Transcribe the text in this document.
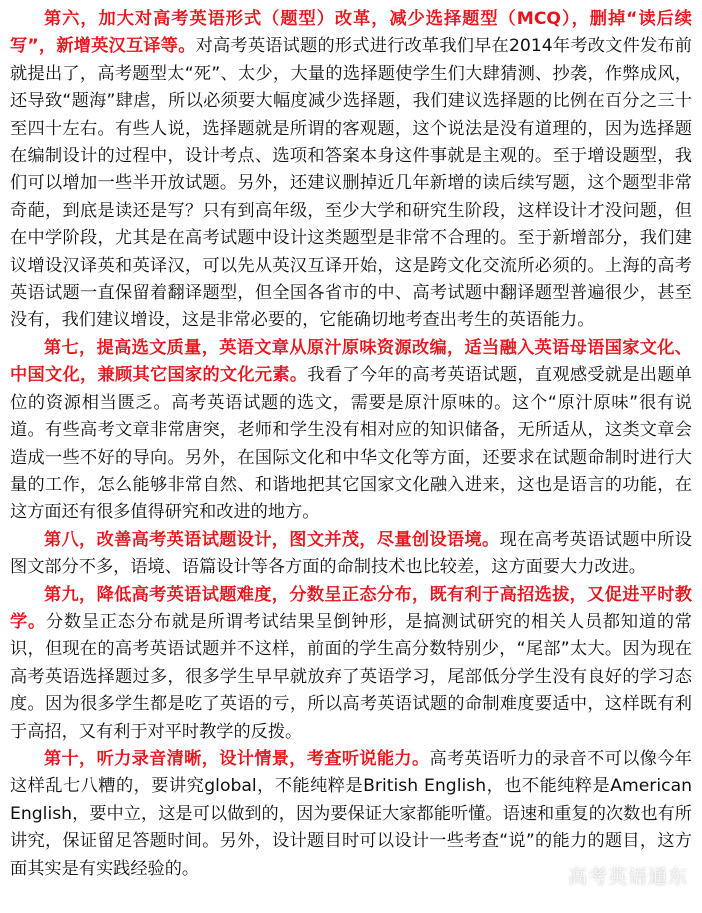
第六，加大对高考英语形式（题型）改革，减少选择题型（MCQ），删掉“读后续写”，新增英汉互译等。对高考英语试题的形式进行改革我们早在2014年考改文件发布前就提出了，高考题型太“死”、太少，大量的选择题使学生们大肆猜测、抄袭，作弊成风，还导致“题海”肆虐，所以必须要大幅度减少选择题，我们建议选择题的比例在百分之三十至四十左右。有些人说，选择题就是所谓的客观题，这个说法是没有道理的，因为选择题在编制设计的过程中，设计考点、选项和答案本身这件事就是主观的。至于增设题型，我们可以增加一些半开放试题。另外，还建议删掉近几年新增的读后续写题，这个题型非常奇葩，到底是读还是写？只有到高年级，至少大学和研究生阶段，这样设计才没问题，但在中学阶段，尤其是在高考试题中设计这类题型是非常不合理的。至于新增部分，我们建议增设汉译英和英译汉，可以先从英汉互译开始，这是跨文化交流所必须的。上海的高考英语试题一直保留着翻译题型，但全国各省市的中、高考试题中翻译题型普遍很少，甚至没有，我们建议增设，这是非常必要的，它能确切地考查出考生的英语能力。

第七，提高选文质量，英语文章从原汁原味资源改编，适当融入英语母语国家文化、中国文化，兼顾其它国家的文化元素。我看了今年的高考英语试题，直观感受就是出题单位的资源相当匮乏。高考英语试题的选文，需要是原汁原味的。这个“原汁原味”很有说道。有些高考文章非常唐突，老师和学生没有相对应的知识储备，无所适从，这类文章会造成一些不好的导向。另外，在国际文化和中华文化等方面，还要求在试题命制时进行大量的工作，怎么能够非常自然、和谐地把其它国家文化融入进来，这也是语言的功能，在这方面还有很多值得研究和改进的地方。

第八，改善高考英语试题设计，图文并茂，尽量创设语境。现在高考英语试题中所设图文部分不多，语境、语篇设计等各方面的命制技术也比较差，这方面要大力改进。

第九，降低高考英语试题难度，分数呈正态分布，既有利于高招选拔，又促进平时教学。分数呈正态分布就是所谓考试结果呈倒钟形，是搞测试研究的相关人员都知道的常识，但现在的高考英语试题并不这样，前面的学生高分数特别少，“尾部”太大。因为现在高考英语选择题过多，很多学生早早就放弃了英语学习，尾部低分学生没有良好的学习态度。因为很多学生都是吃了英语的亏，所以高考英语试题的命制难度要适中，这样既有利于高招，又有利于对平时教学的反拨。

第十，听力录音清晰，设计情景，考查听说能力。高考英语听力的录音不可以像今年这样乱七八糟的，要讲究global，不能纯粹是British English，也不能纯粹是American English，要中立，这是可以做到的，因为要保证大家都能听懂。语速和重复的次数也有所讲究，保证留足答题时间。另外，设计题目时可以设计一些考查“说”的能力的题目，这方面其实是有实践经验的。	高考英语通东
